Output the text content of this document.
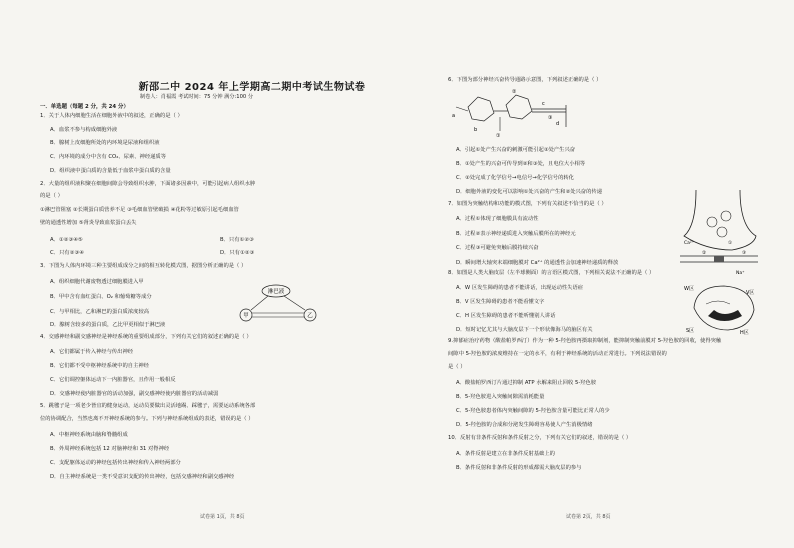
新邵二中 2024 年上学期高二期中考试生物试卷
制卷人：肖福霞 考试时间：75 分钟 满分:100 分
一．单选题（每题 2 分，共 24 分）
1．关于人体内细胞生活在细胞外液中的叙述，正确的是（ ）
A．血浆不参与构成细胞外液
B．腺树上皮细胞所处的内环境是尿液和组织液
C．内环境的成分中含有 CO₂、尿素、神经递质等
D．组织液中蛋白质的含量低于血浆中蛋白质的含量
2．大量的组织液积聚在细胞间隙会导致组织水肿，下面诸多因素中，可能引起病人组织水肿
的是（ ）
①淋巴管阻塞 ②长期蛋白质营养不足 ③毛细血管壁破损 ④花粉等过敏原引起毛细血管
壁的通透性增加 ⑤肾炎导致血浆蛋白丢失
A．①②③④⑤	B．只有①②③
C．只有②③④	D．只有①②③
3．下图为人体内环境三种主要组成成分之间的相互转化模式图，据图分析正确的是（ ）
A．组织细胞代谢废物透过细胞膜进入甲
B．甲中含有血红蛋白、O₂ 和葡萄糖等成分
C．与甲相比，乙和淋巴的蛋白质浓度较高
D．腺树含较多的蛋白质，乙比甲更相似于淋巴液
淋巴液
甲	乙
4．交感神经和副交感神经是神经系统的重要组成部分，下列有关它们的叙述正确的是（ ）
A．它们都属于传入神经与传出神经
B．它们都不受中枢神经系统中的自主神经
C．它们调控躯体运动下一内脏器官，且作用一般相反
D．交感神经使内脏器官的活动加强，副交感神经使内脏器官的活动减弱
5．跳毽子是一项老少皆宜的健身运动，运动员要做出灵活地踢、踩毽子，需要运动系统各部
位的协调配合，当然也离不开神经系统的参与。下列与神经系统组成的表述，错误的是（ ）
A．中枢神经系统由脑和脊髓组成
B．外周神经系统包括 12 对脑神经和 31 对脊神经
C．支配躯体运动的神经包括传出神经和传入神经两部分
D．自主神经系统是一类不受意识支配的传出神经，包括交感神经和副交感神经
试卷第 1页，共 8页
6．下图为部分神经兴奋传导通路示意图，下列叙述正确的是（ ）
a
b
c
d
①
②
③
A．引起①处产生兴奋的刺激可能引起②处产生兴奋
B．①处产生的兴奋可传导到②和③处，且电位大小相等
C．②处完成了化学信号→电信号→化学信号的转化
D．细胞外液的变化可以影响①处兴奋的产生和②处兴奋的传递
7．如图为突触结构和功能的模式图，下列有关叙述不恰当的是（ ）
A．过程①体现了细胞膜具有流动性
B．过程②表示神经递质进入突触后膜所在的神经元
C．过程③可避免突触后膜持续兴奋
D．瞬间增大轴突末端细胞膜对 Ca²⁺ 的通透性会加速神经递质的释放
Ca²⁺	①
②	③
Na⁺
8．如图是人类大脑皮层（左半球侧面）的言语区模式图，下列相关说法不正确的是（ ）
A．W 区发生障碍的患者不能讲话，出现运动性失语症
B．V 区发生障碍的患者不能看懂文字
C．H 区发生障碍的患者不能听懂别人讲话
D．短时记忆尤其与大脑皮层下一个形状像海马的脑区有关
W区
V区
S区	H区
9.抑郁症治疗药物（酸盐帕罗西汀）作为一种 5-羟色胺再摄取抑制剂，能抑制突触前膜对 5-羟色胺的回收，使得突触
间隙中 5-羟色胺的浓度维持在一定的水平，有利于神经系统的活动正常进行。下列说法错误的
是（ ）
A．酸盐帕罗西汀片通过抑制 ATP 水解来阻止回收 5-羟色胺
B．5-羟色胺进入突触间隙需消耗能量
C．5-羟色胺患者体内突触间隙的 5-羟色胺含量可能比正常人的少
D．5-羟色胺的合成和分泌发生障碍容易使人产生消极情绪
10．反射有非条件反射和条件反射之分，下列有关它们的叙述，错误的是（ ）
A．条件反射是建立在非条件反射基础上的
B．条件反射和非条件反射的形成都需大脑皮层的参与
试卷第 2页，共 8页
